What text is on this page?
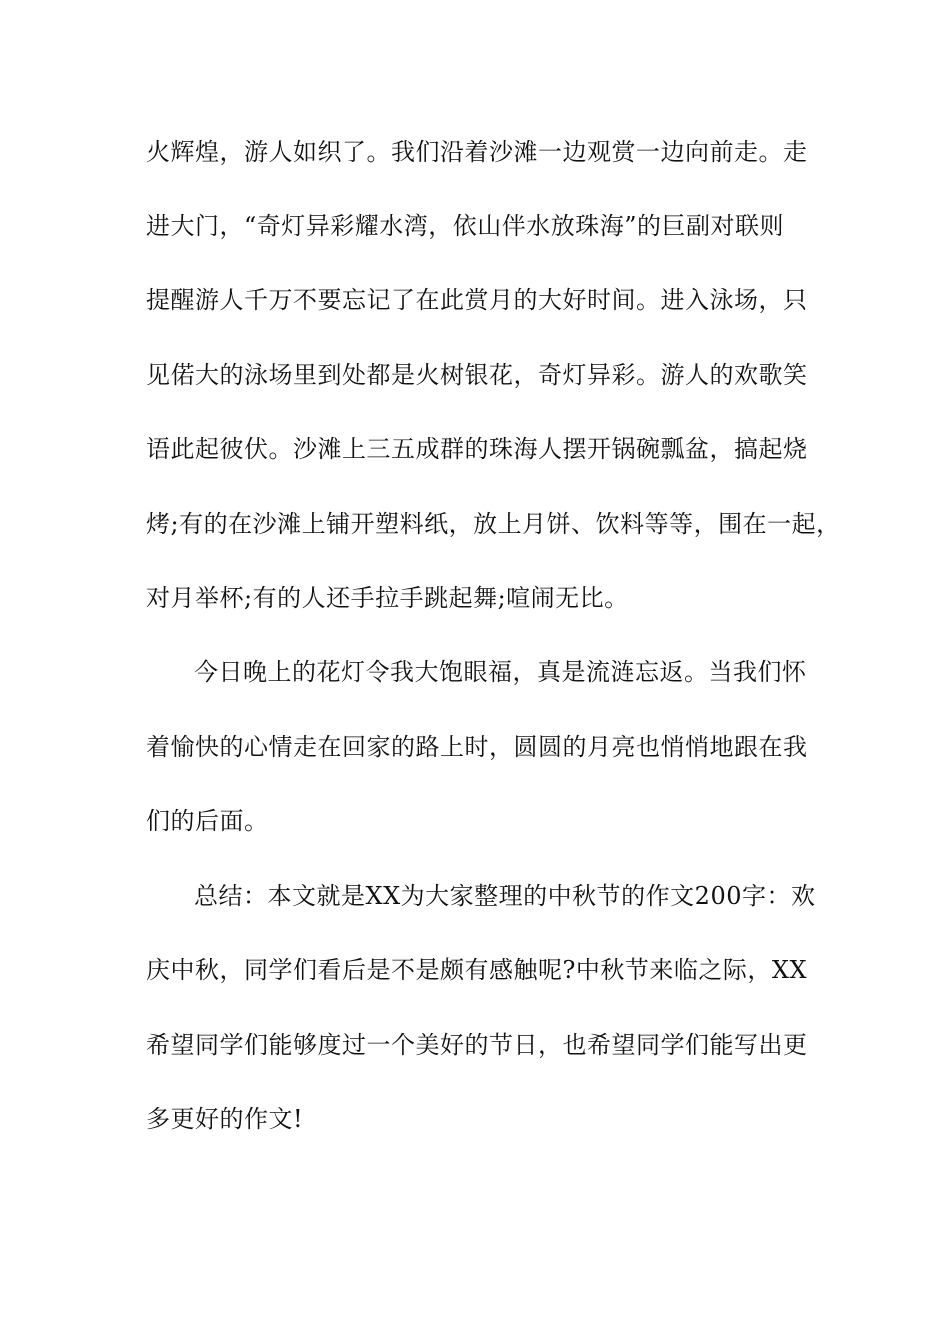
火辉煌，游人如织了。我们沿着沙滩一边观赏一边向前走。走
进大门，“奇灯异彩耀水湾，依山伴水放珠海”的巨副对联则
提醒游人千万不要忘记了在此赏月的大好时间。进入泳场，只
见偌大的泳场里到处都是火树银花，奇灯异彩。游人的欢歌笑
语此起彼伏。沙滩上三五成群的珠海人摆开锅碗瓢盆，搞起烧
烤;有的在沙滩上铺开塑料纸，放上月饼、饮料等等，围在一起，
对月举杯;有的人还手拉手跳起舞;喧闹无比。
今日晚上的花灯令我大饱眼福，真是流涟忘返。当我们怀
着愉快的心情走在回家的路上时，圆圆的月亮也悄悄地跟在我
们的后面。
总结：本文就是XX为大家整理的中秋节的作文200字：欢
庆中秋，同学们看后是不是颇有感触呢?中秋节来临之际，XX
希望同学们能够度过一个美好的节日，也希望同学们能写出更
多更好的作文!
